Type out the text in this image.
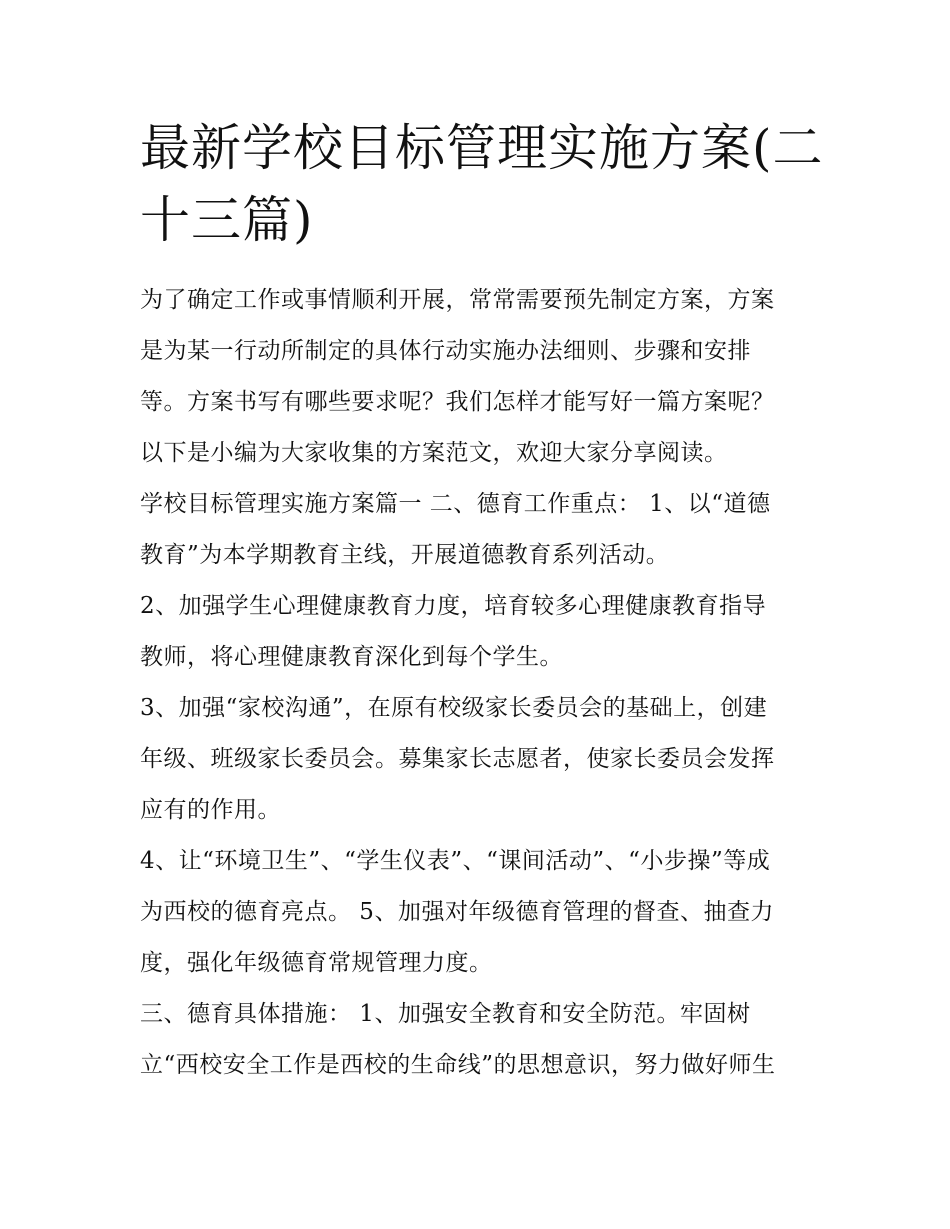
最新学校目标管理实施方案(二
十三篇)
为了确定工作或事情顺利开展，常常需要预先制定方案，方案
是为某一行动所制定的具体行动实施办法细则、步骤和安排
等。方案书写有哪些要求呢？我们怎样才能写好一篇方案呢？
以下是小编为大家收集的方案范文，欢迎大家分享阅读。
学校目标管理实施方案篇一 二、德育工作重点： 1、以“道德
教育”为本学期教育主线，开展道德教育系列活动。
2、加强学生心理健康教育力度，培育较多心理健康教育指导
教师，将心理健康教育深化到每个学生。
3、加强“家校沟通”，在原有校级家长委员会的基础上，创建
年级、班级家长委员会。募集家长志愿者，使家长委员会发挥
应有的作用。
4、让“环境卫生”、“学生仪表”、“课间活动”、“小步操”等成
为西校的德育亮点。 5、加强对年级德育管理的督查、抽查力
度，强化年级德育常规管理力度。
三、德育具体措施： 1、加强安全教育和安全防范。牢固树
立“西校安全工作是西校的生命线”的思想意识，努力做好师生
